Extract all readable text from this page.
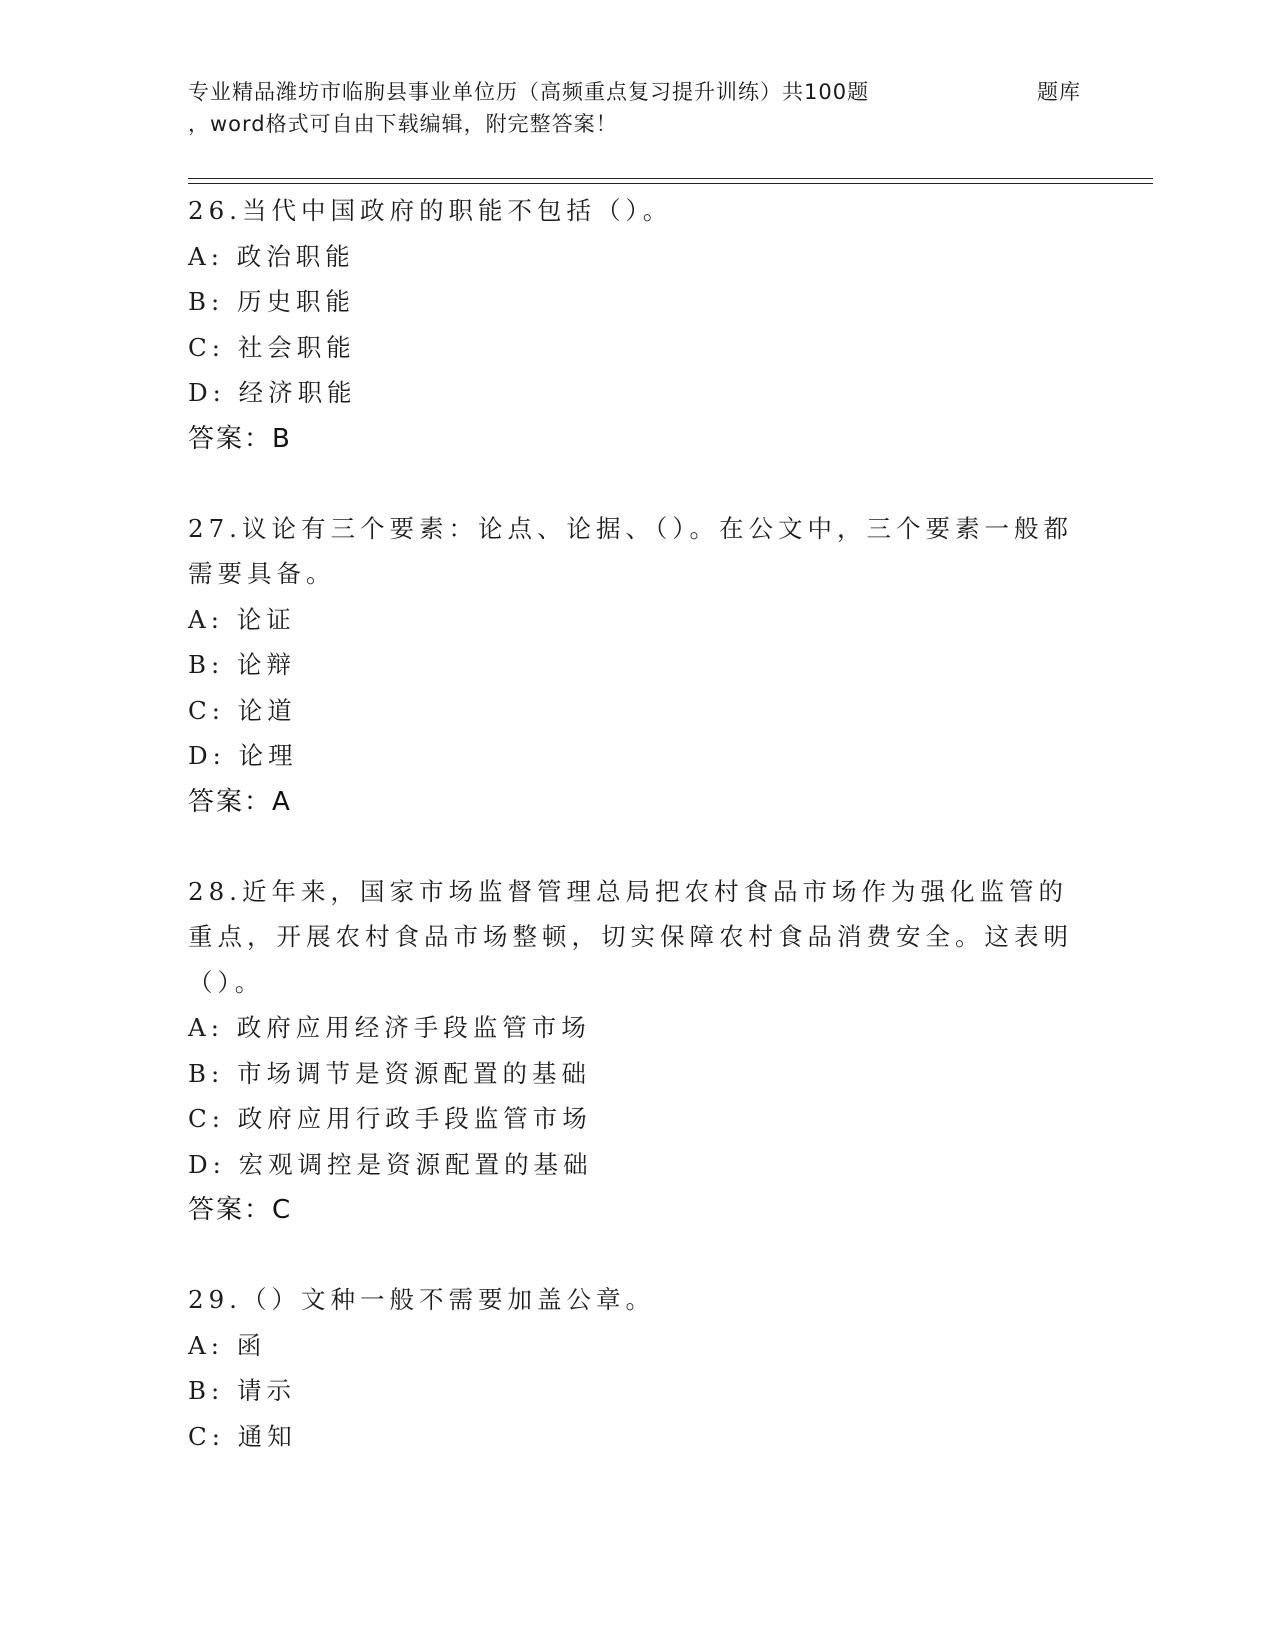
专业精品潍坊市临朐县事业单位历（高频重点复习提升训练）共100题	题库
，word格式可自由下载编辑，附完整答案！
26.当代中国政府的职能不包括（）。
A: 政治职能
B: 历史职能
C: 社会职能
D: 经济职能
答案：B
27.议论有三个要素：论点、论据、（）。在公文中，三个要素一般都需要具备。
A: 论证
B: 论辩
C: 论道
D: 论理
答案：A
28.近年来，国家市场监督管理总局把农村食品市场作为强化监管的重点，开展农村食品市场整顿，切实保障农村食品消费安全。这表明（）。
A: 政府应用经济手段监管市场
B: 市场调节是资源配置的基础
C: 政府应用行政手段监管市场
D: 宏观调控是资源配置的基础
答案：C
29.（）文种一般不需要加盖公章。
A: 函
B: 请示
C: 通知
